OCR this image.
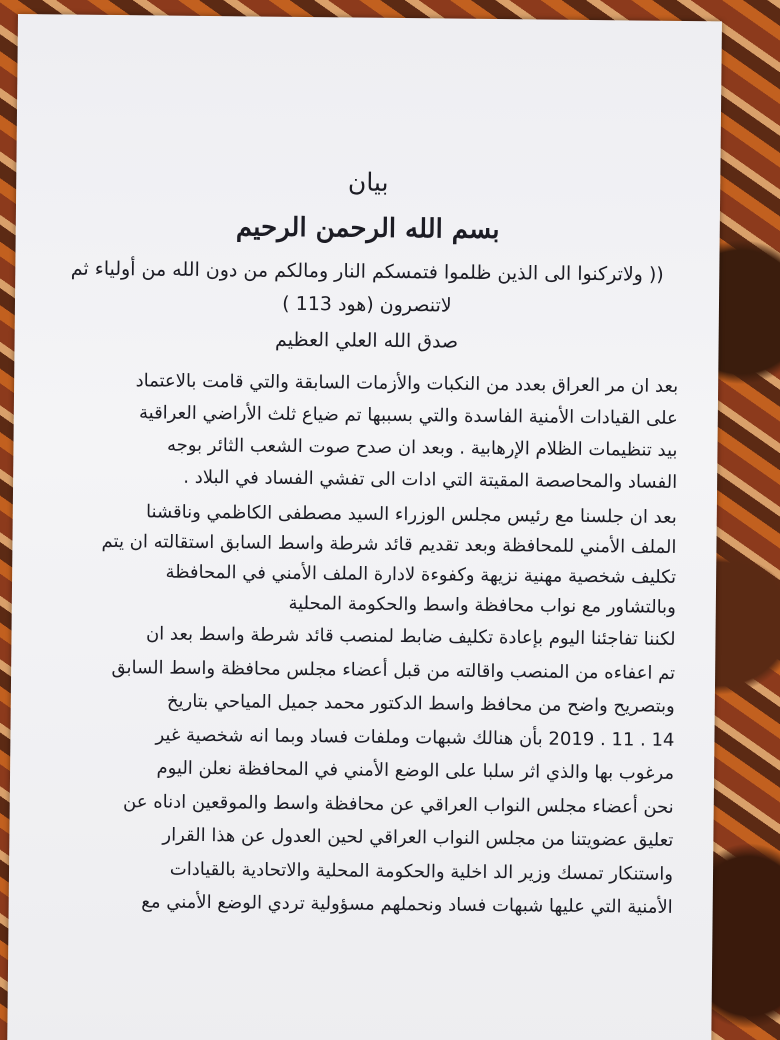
بيان
بسم الله الرحمن الرحيم
(( ولاتركنوا الى الذين ظلموا فتمسكم النار ومالكم من دون الله من أولياء ثم
لاتنصرون (هود 113 )
صدق الله العلي العظيم
بعد ان مر العراق بعدد من النكبات والأزمات السابقة والتي قامت بالاعتماد
على القيادات الأمنية الفاسدة والتي بسببها تم ضياع ثلث الأراضي العراقية
بيد تنظيمات الظلام الإرهابية . وبعد ان صدح صوت الشعب الثائر بوجه
الفساد والمحاصصة المقيتة التي ادات الى تفشي الفساد في البلاد .
بعد ان جلسنا مع رئيس مجلس الوزراء السيد مصطفى الكاظمي وناقشنا
الملف الأمني للمحافظة وبعد تقديم قائد شرطة واسط السابق استقالته ان يتم
تكليف شخصية مهنية نزيهة وكفوءة لادارة الملف الأمني في المحافظة
وبالتشاور مع نواب محافظة واسط والحكومة المحلية
لكننا تفاجئنا اليوم بإعادة تكليف ضابط لمنصب قائد شرطة واسط بعد ان
تم اعفاءه من المنصب واقالته من قبل أعضاء مجلس محافظة واسط السابق
وبتصريح واضح من محافظ واسط الدكتور محمد جميل المياحي بتاريخ
14 . 11 . 2019 بأن هنالك شبهات وملفات فساد وبما انه شخصية غير
مرغوب بها والذي اثر سلبا على الوضع الأمني في المحافظة نعلن اليوم
نحن أعضاء مجلس النواب العراقي عن محافظة واسط والموقعين ادناه عن
تعليق عضويتنا من مجلس النواب العراقي لحين العدول عن هذا القرار
واستنكار تمسك وزير الد اخلية والحكومة المحلية والاتحادية بالقيادات
الأمنية التي عليها شبهات فساد ونحملهم مسؤولية تردي الوضع الأمني مع
